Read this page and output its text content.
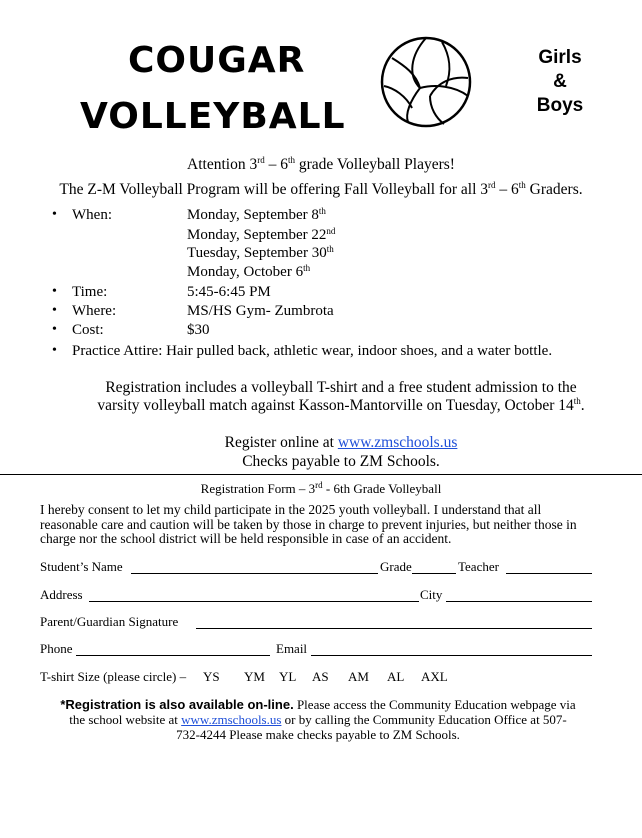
COUGAR
VOLLEYBALL
Girls
&
Boys
Attention 3rd – 6th grade Volleyball Players!
The Z-M Volleyball Program will be offering Fall Volleyball for all 3rd – 6th Graders.
• When:	Monday, September 8th
Monday, September 22nd
Tuesday, September 30th
Monday, October 6th
• Time:	5:45-6:45 PM
• Where:	MS/HS Gym- Zumbrota
• Cost:	$30
• Practice Attire: Hair pulled back, athletic wear, indoor shoes, and a water bottle.
Registration includes a volleyball T-shirt and a free student admission to the
varsity volleyball match against Kasson-Mantorville on Tuesday, October 14th.
Register online at www.zmschools.us
Checks payable to ZM Schools.
Registration Form – 3rd - 6th Grade Volleyball
I hereby consent to let my child participate in the 2025 youth volleyball. I understand that all
reasonable care and caution will be taken by those in charge to prevent injuries, but neither those in
charge nor the school district will be held responsible in case of an accident.
Student’s Name	Grade	Teacher
Address	City
Parent/Guardian Signature
Phone	Email
T-shirt Size (please circle) – YS YM YL AS AM AL AXL
*Registration is also available on-line. Please access the Community Education webpage via
the school website at www.zmschools.us or by calling the Community Education Office at 507-
732-4244 Please make checks payable to ZM Schools.
